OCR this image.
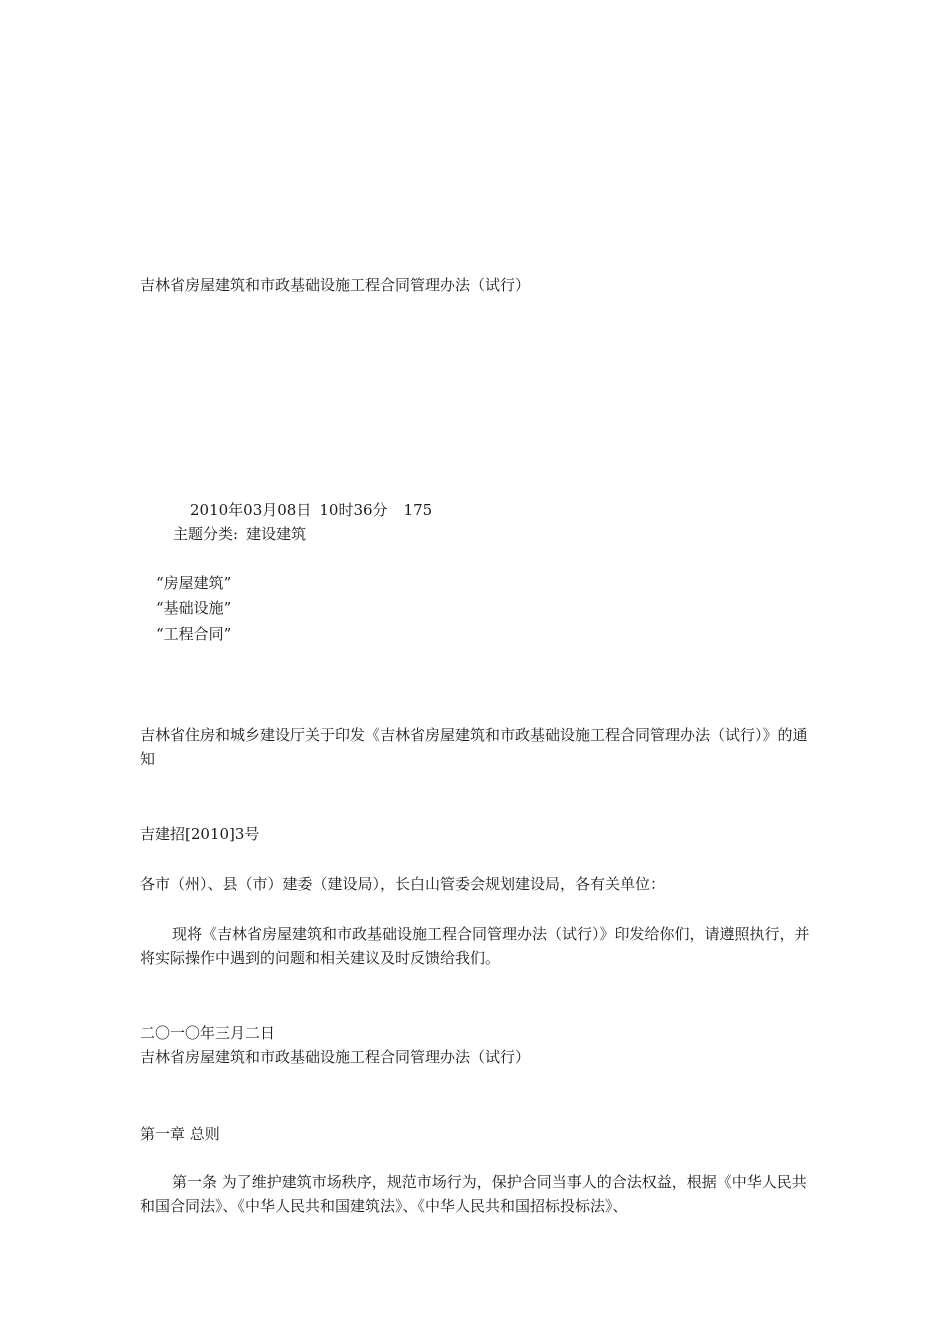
吉林省房屋建筑和市政基础设施工程合同管理办法（试行）
2010年03月08日 10时36分 175
主题分类: 建设建筑
“房屋建筑”
“基础设施”
“工程合同”
吉林省住房和城乡建设厅关于印发《吉林省房屋建筑和市政基础设施工程合同管理办法（试行）》的通知
吉建招[2010]3号
各市（州）、县（市）建委（建设局），长白山管委会规划建设局，各有关单位：
现将《吉林省房屋建筑和市政基础设施工程合同管理办法（试行）》印发给你们，请遵照执行，并将实际操作中遇到的问题和相关建议及时反馈给我们。
二〇一〇年三月二日
吉林省房屋建筑和市政基础设施工程合同管理办法（试行）
第一章 总则
第一条 为了维护建筑市场秩序，规范市场行为，保护合同当事人的合法权益，根据《中华人民共和国合同法》、《中华人民共和国建筑法》、《中华人民共和国招标投标法》、
